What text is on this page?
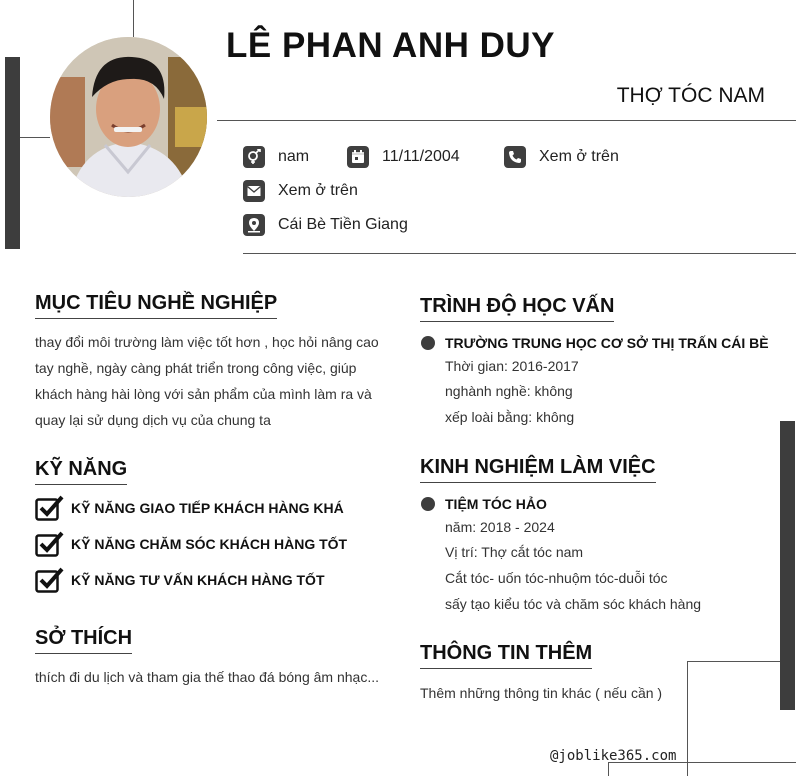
LÊ PHAN ANH DUY
THỢ TÓC NAM
nam	11/11/2004	Xem ở trên
Xem ở trên
Cái Bè Tiền Giang
MỤC TIÊU NGHỀ NGHIỆP
thay đổi môi trường làm việc tốt hơn , học hỏi nâng cao
tay nghề, ngày càng phát triển trong công việc, giúp
khách hàng hài lòng với sản phẩm của mình làm ra và
quay lại sử dụng dịch vụ của chung ta
KỸ NĂNG
KỸ NĂNG GIAO TIẾP KHÁCH HÀNG KHÁ
KỸ NĂNG CHĂM SÓC KHÁCH HÀNG TỐT
KỸ NĂNG TƯ VẤN KHÁCH HÀNG TỐT
SỞ THÍCH
thích đi du lịch và tham gia thế thao đá bóng âm nhạc...
TRÌNH ĐỘ HỌC VẤN
TRƯỜNG TRUNG HỌC CƠ SỞ THỊ TRẤN CÁI BÈ
Thời gian: 2016-2017
nghành nghề: không
xếp loài bằng: không
KINH NGHIỆM LÀM VIỆC
TIỆM TÓC HẢO
năm: 2018 - 2024
Vị trí: Thợ cắt tóc nam
Cắt tóc- uốn tóc-nhuộm tóc-duỗi tóc
sấy tạo kiểu tóc và chăm sóc khách hàng
THÔNG TIN THÊM
Thêm những thông tin khác ( nếu cần )
@joblike365.com
